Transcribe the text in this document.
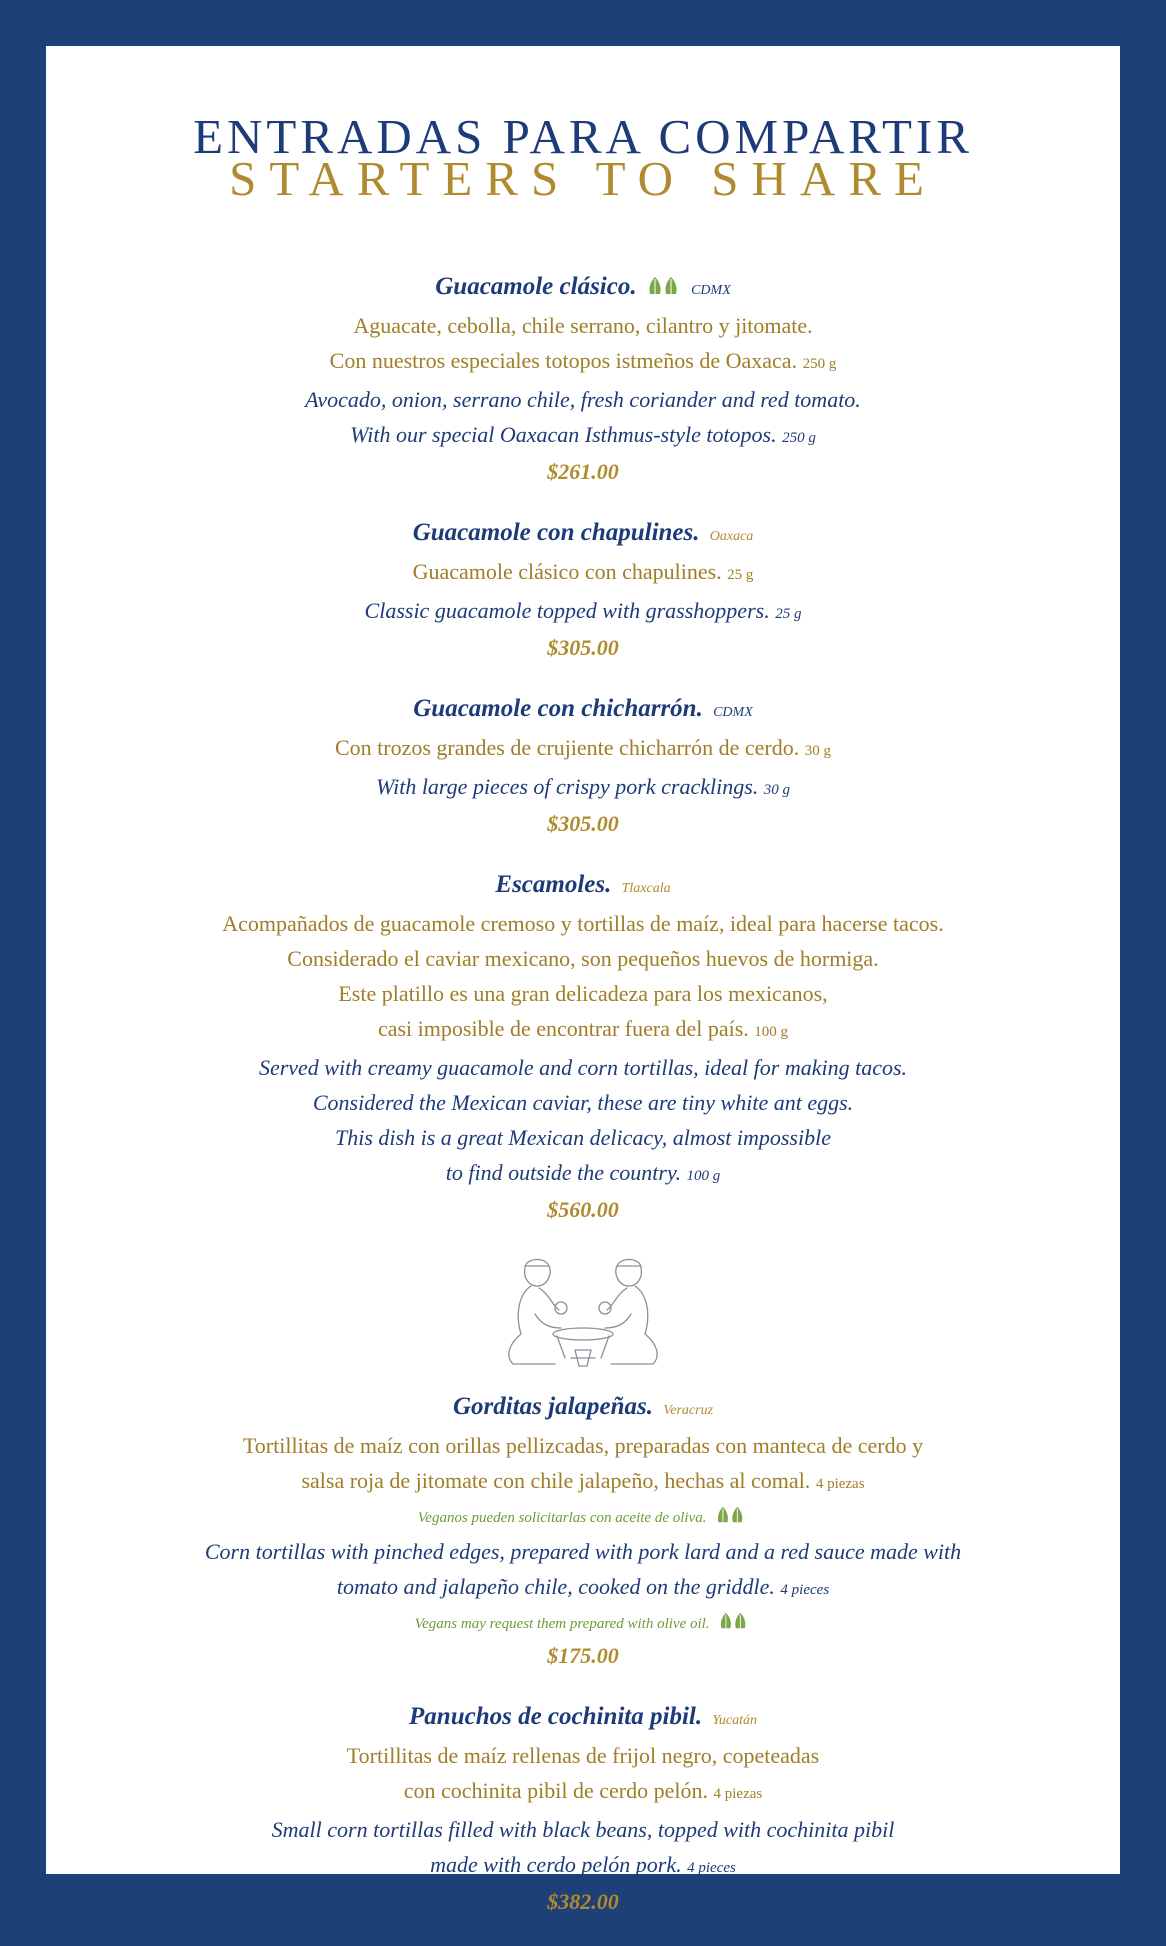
ENTRADAS PARA COMPARTIR

STARTERS TO SHARE

Guacamole clásico.	CDMX
Aguacate, cebolla, chile serrano, cilantro y jitomate.
Con nuestros especiales totopos istmeños de Oaxaca. 250 g
Avocado, onion, serrano chile, fresh coriander and red tomato.
With our special Oaxacan Isthmus-style totopos. 250 g
$261.00
Guacamole con chapulines. Oaxaca
Guacamole clásico con chapulines. 25 g
Classic guacamole topped with grasshoppers. 25 g
$305.00
Guacamole con chicharrón. CDMX
Con trozos grandes de crujiente chicharrón de cerdo. 30 g
With large pieces of crispy pork cracklings. 30 g
$305.00
Escamoles. Tlaxcala
Acompañados de guacamole cremoso y tortillas de maíz, ideal para hacerse tacos.
Considerado el caviar mexicano, son pequeños huevos de hormiga.
Este platillo es una gran delicadeza para los mexicanos,
casi imposible de encontrar fuera del país. 100 g
Served with creamy guacamole and corn tortillas, ideal for making tacos.
Considered the Mexican caviar, these are tiny white ant eggs.
This dish is a great Mexican delicacy, almost impossible
to find outside the country. 100 g
$560.00
Gorditas jalapeñas. Veracruz
Tortillitas de maíz con orillas pellizcadas, preparadas con manteca de cerdo y
salsa roja de jitomate con chile jalapeño, hechas al comal. 4 piezas
Veganos pueden solicitarlas con aceite de oliva.
Corn tortillas with pinched edges, prepared with pork lard and a red sauce made with
tomato and jalapeño chile, cooked on the griddle. 4 pieces
Vegans may request them prepared with olive oil.
$175.00
Panuchos de cochinita pibil. Yucatán
Tortillitas de maíz rellenas de frijol negro, copeteadas
con cochinita pibil de cerdo pelón. 4 piezas
Small corn tortillas filled with black beans, topped with cochinita pibil
made with cerdo pelón pork. 4 pieces
$382.00
